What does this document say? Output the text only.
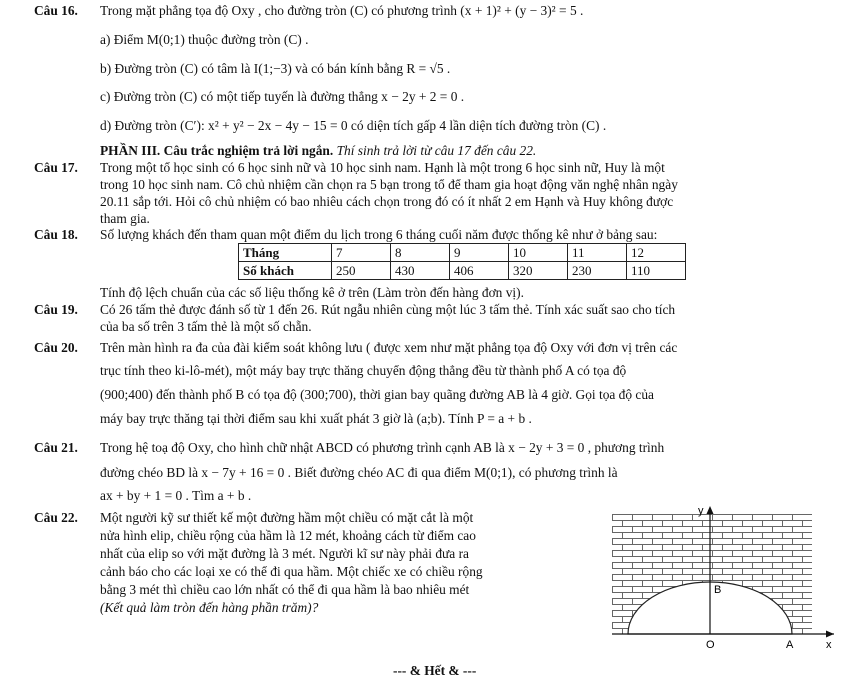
Câu 16. Trong mặt phẳng tọa độ Oxy , cho đường tròn (C) có phương trình (x + 1)² + (y − 3)² = 5 .
a) Điểm M(0;1) thuộc đường tròn (C) .
b) Đường tròn (C) có tâm là I(1;−3) và có bán kính bằng R = √5 .
c) Đường tròn (C) có một tiếp tuyến là đường thẳng x − 2y + 2 = 0 .
d) Đường tròn (C′): x² + y² − 2x − 4y − 15 = 0 có diện tích gấp 4 lần diện tích đường tròn (C) .
PHẦN III. Câu trắc nghiệm trả lời ngắn. Thí sinh trả lời từ câu 17 đến câu 22.
Câu 17. Trong một tổ học sinh có 6 học sinh nữ và 10 học sinh nam. Hạnh là một trong 6 học sinh nữ, Huy là một
trong 10 học sinh nam. Cô chủ nhiệm cần chọn ra 5 bạn trong tổ để tham gia hoạt động văn nghệ nhân ngày
20.11 sắp tới. Hỏi cô chủ nhiệm có bao nhiêu cách chọn trong đó có ít nhất 2 em Hạnh và Huy không được
tham gia.
Câu 18. Số lượng khách đến tham quan một điểm du lịch trong 6 tháng cuối năm được thống kê như ở bảng sau:
Tháng	7	8	9	10	11	12
Số khách	250	430	406	320	230	110
Tính độ lệch chuẩn của các số liệu thống kê ở trên (Làm tròn đến hàng đơn vị).
Câu 19. Có 26 tấm thẻ được đánh số từ 1 đến 26. Rút ngẫu nhiên cùng một lúc 3 tấm thẻ. Tính xác suất sao cho tích
của ba số trên 3 tấm thẻ là một số chẵn.
Câu 20. Trên màn hình ra đa của đài kiểm soát không lưu ( được xem như mặt phẳng tọa độ Oxy với đơn vị trên các
trục tính theo ki-lô-mét), một máy bay trực thăng chuyển động thẳng đều từ thành phố A có tọa độ
(900;400) đến thành phố B có tọa độ (300;700), thời gian bay quãng đường AB là 4 giờ. Gọi tọa độ của
máy bay trực thăng tại thời điểm sau khi xuất phát 3 giờ là (a;b). Tính P = a + b .
Câu 21. Trong hệ toạ độ Oxy, cho hình chữ nhật ABCD có phương trình cạnh AB là x − 2y + 3 = 0 , phương trình
đường chéo BD là x − 7y + 16 = 0 . Biết đường chéo AC đi qua điểm M(0;1), có phương trình là
ax + by + 1 = 0 . Tìm a + b .
Câu 22. Một người kỹ sư thiết kế một đường hầm một chiều có mặt cắt là một
nửa hình elip, chiều rộng của hầm là 12 mét, khoảng cách từ điểm cao
nhất của elip so với mặt đường là 3 mét. Người kĩ sư này phải đưa ra
cảnh báo cho các loại xe có thể đi qua hầm. Một chiếc xe có chiều rộng
bằng 3 mét thì chiều cao lớn nhất có thể đi qua hầm là bao nhiêu mét
(Kết quả làm tròn đến hàng phần trăm)?
y
B
O	A	x
--- & Hết & ---
